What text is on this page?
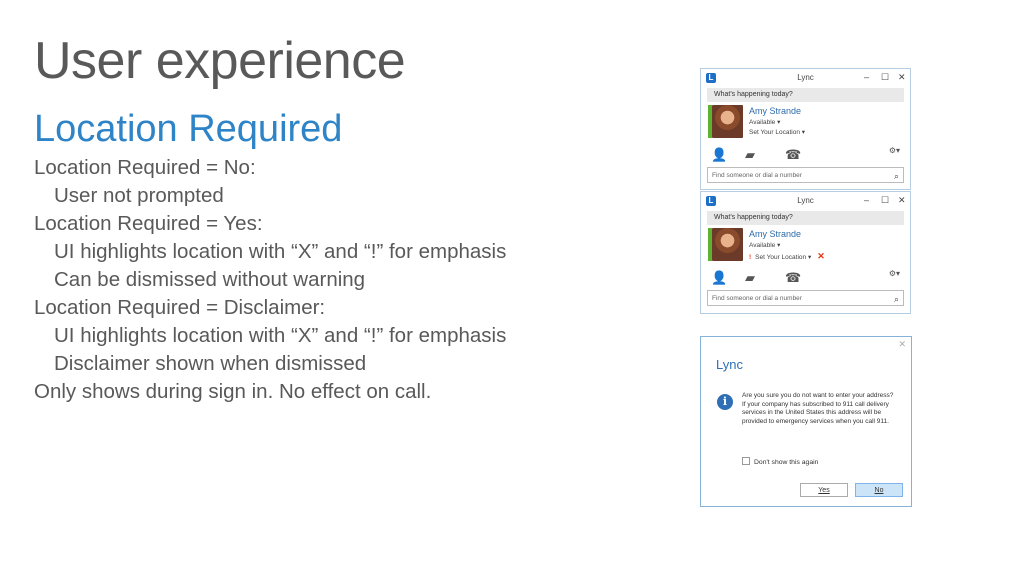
User experience
Location Required
Location Required = No:
User not prompted
Location Required = Yes:
UI highlights location with “X” and “!” for emphasis
Can be dismissed without warning
Location Required = Disclaimer:
UI highlights location with “X” and “!” for emphasis
Disclaimer shown when dismissed
Only shows during sign in. No effect on call.
L	Lync	– ☐ ✕
What's happening today?
Amy Strande
Available ▾
Set Your Location ▾
👤 ▰ ☎	⚙▾
Find someone or dial a number	⌕
L	Lync	– ☐ ✕
What's happening today?
Amy Strande
Available ▾
! Set Your Location ▾ ✕
👤 ▰ ☎	⚙▾
Find someone or dial a number	⌕
✕
Lync
i	Are you sure you do not want to enter your address? If your company has subscribed to 911 call delivery services in the United States this address will be provided to emergency services when you call 911.
Don't show this again
Yes	No
